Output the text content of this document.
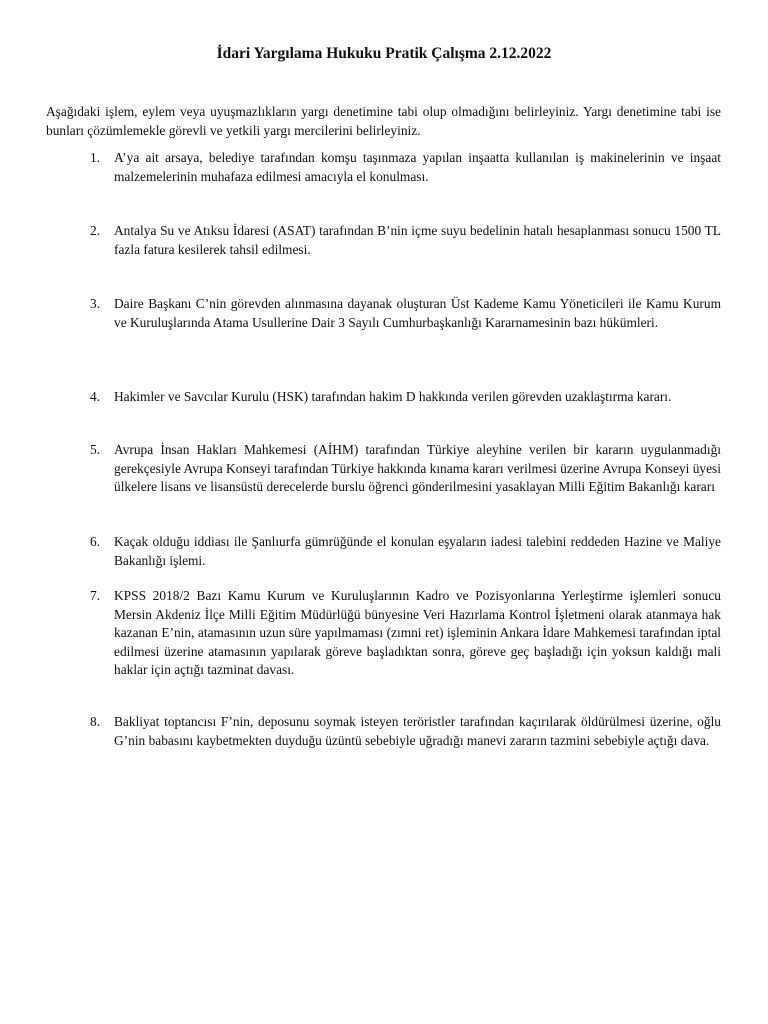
İdari Yargılama Hukuku Pratik Çalışma 2.12.2022
Aşağıdaki işlem, eylem veya uyuşmazlıkların yargı denetimine tabi olup olmadığını belirleyiniz. Yargı denetimine tabi ise bunları çözümlemekle görevli ve yetkili yargı mercilerini belirleyiniz.
1.	A’ya ait arsaya, belediye tarafından komşu taşınmaza yapılan inşaatta kullanılan iş makinelerinin ve inşaat malzemelerinin muhafaza edilmesi amacıyla el konulması.
2.	Antalya Su ve Atıksu İdaresi (ASAT) tarafından B’nin içme suyu bedelinin hatalı hesaplanması sonucu 1500 TL fazla fatura kesilerek tahsil edilmesi.
3.	Daire Başkanı C’nin görevden alınmasına dayanak oluşturan Üst Kademe Kamu Yöneticileri ile Kamu Kurum ve Kuruluşlarında Atama Usullerine Dair 3 Sayılı Cumhurbaşkanlığı Kararnamesinin bazı hükümleri.
4.	Hakimler ve Savcılar Kurulu (HSK) tarafından hakim D hakkında verilen görevden uzaklaştırma kararı.
5.	Avrupa İnsan Hakları Mahkemesi (AİHM) tarafından Türkiye aleyhine verilen bir kararın uygulanmadığı gerekçesiyle Avrupa Konseyi tarafından Türkiye hakkında kınama kararı verilmesi üzerine Avrupa Konseyi üyesi ülkelere lisans ve lisansüstü derecelerde burslu öğrenci gönderilmesini yasaklayan Milli Eğitim Bakanlığı kararı
6.	Kaçak olduğu iddiası ile Şanlıurfa gümrüğünde el konulan eşyaların iadesi talebini reddeden Hazine ve Maliye Bakanlığı işlemi.
7.	KPSS 2018/2 Bazı Kamu Kurum ve Kuruluşlarının Kadro ve Pozisyonlarına Yerleştirme işlemleri sonucu Mersin Akdeniz İlçe Milli Eğitim Müdürlüğü bünyesine Veri Hazırlama Kontrol İşletmeni olarak atanmaya hak kazanan E’nin, atamasının uzun süre yapılmaması (zımni ret) işleminin Ankara İdare Mahkemesi tarafından iptal edilmesi üzerine atamasının yapılarak göreve başladıktan sonra, göreve geç başladığı için yoksun kaldığı mali haklar için açtığı tazminat davası.
8.	Bakliyat toptancısı F’nin, deposunu soymak isteyen teröristler tarafından kaçırılarak öldürülmesi üzerine, oğlu G’nin babasını kaybetmekten duyduğu üzüntü sebebiyle uğradığı manevi zararın tazmini sebebiyle açtığı dava.
